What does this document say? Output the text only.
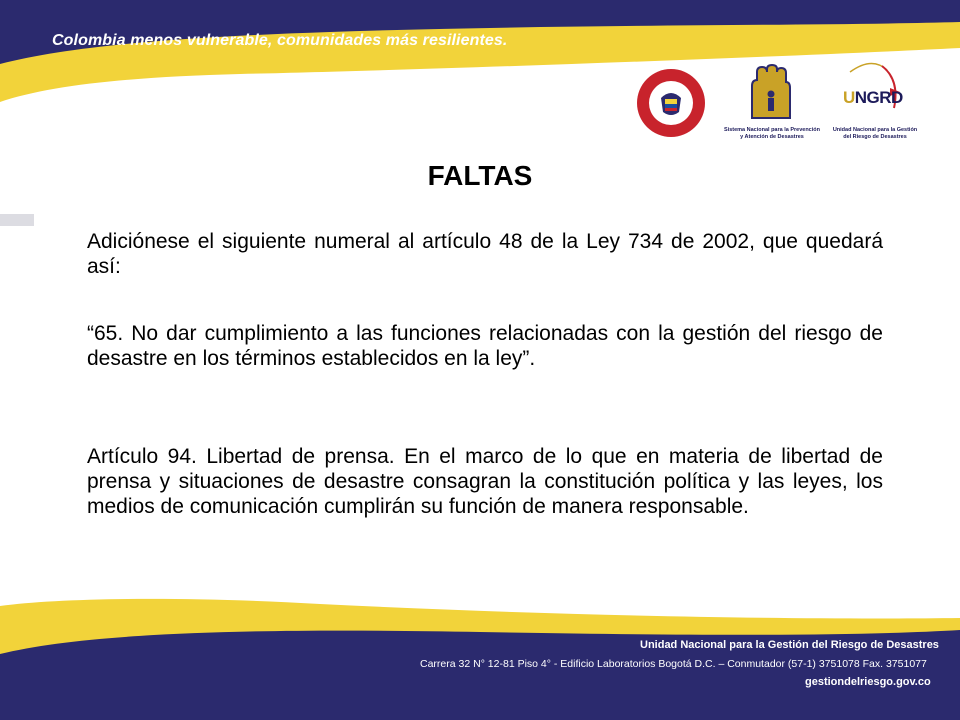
Colombia menos vulnerable, comunidades más resilientes.
Sistema Nacional para la Prevención
y Atención de Desastres
UNGRD
Unidad Nacional para la Gestión
del Riesgo de Desastres
FALTAS
Adiciónese el siguiente numeral al artículo 48 de la Ley 734 de 2002, que quedará así:
“65. No dar cumplimiento a las funciones relacionadas con la gestión del riesgo de desastre en los términos establecidos en la ley”.
Artículo 94. Libertad de prensa. En el marco de lo que en materia de libertad de prensa y situaciones de desastre consagran la constitución política y las leyes, los medios de comunicación cumplirán su función de manera responsable.
Unidad Nacional para la Gestión del Riesgo de Desastres
Carrera 32 N° 12-81 Piso 4° - Edificio Laboratorios Bogotá D.C. – Conmutador (57-1) 3751078 Fax. 3751077
gestiondelriesgo.gov.co
